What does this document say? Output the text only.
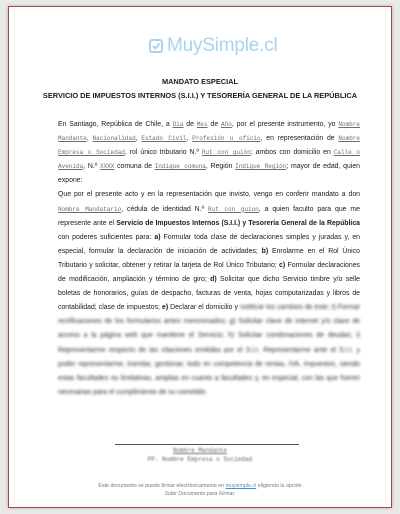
MuySimple.cl
MANDATO ESPECIAL
SERVICIO DE IMPUESTOS INTERNOS (S.I.I.) Y TESORERÍA GENERAL DE LA REPÚBLICA

En Santiago, República de Chile, a Día de Mes de Año, por el presente instrumento, yo Nombre Mandante, Nacionalidad, Estado Civil, Profesión u oficio, en representación de Nombre Empresa o Sociedad, rol único tributario N.º Rut con guión; ambos con domicilio en Calle o Avenida, N.º XXXX comuna de Indique comuna, Región Indique Región; mayor de edad, quien expone:

Que por el presente acto y en la representación que invisto, vengo en conferir mandato a don Nombre Mandatario, cédula de identidad N.º Rut con guion, a quien faculto para que me represente ante el Servicio de Impuestos Internos (S.I.I.) y Tesorería General de la República con poderes suficientes para: a) Formular toda clase de declaraciones simples y juradas y, en especial, formular la declaración de iniciación de actividades; b) Enrolarme en el Rol Único Tributario y solicitar, obtener y retirar la tarjeta de Rol Único Tributario; c) Formular declaraciones de modificación, ampliación y término de giro; d) Solicitar que dicho Servicio timbre y/o selle boletas de honorarios, guías de despacho, facturas de venta, hojas computarizadas y libros de contabilidad; clase de impuestos; e) Declarar el domicilio y notificar los cambios de éste; f) Formar rectificaciones de los formularios antes mencionados; g) Solicitar clave de internet y/o clave de acceso a la página web que mantiene el Servicio; h) Solicitar condonaciones de deudas; i) Representarme respecto de las citaciones emitidas por el S.I.I. Representarme ante el S.I.I. y poder representarme, tramitar, gestionar, todo en competencia de rentas, IVA, impuestos, siendo estas facultades no limitativas, amplias en cuanto a facultades y, en especial, con las que fueren necesarias para el cumplimiento de su cometido.

Nombre Mandante
PP. Nombre Empresa o Sociedad
Este documento se puede firmar electrónicamente en muysimple.cl eligiendo la opción
Subir Documento para Firmar.
